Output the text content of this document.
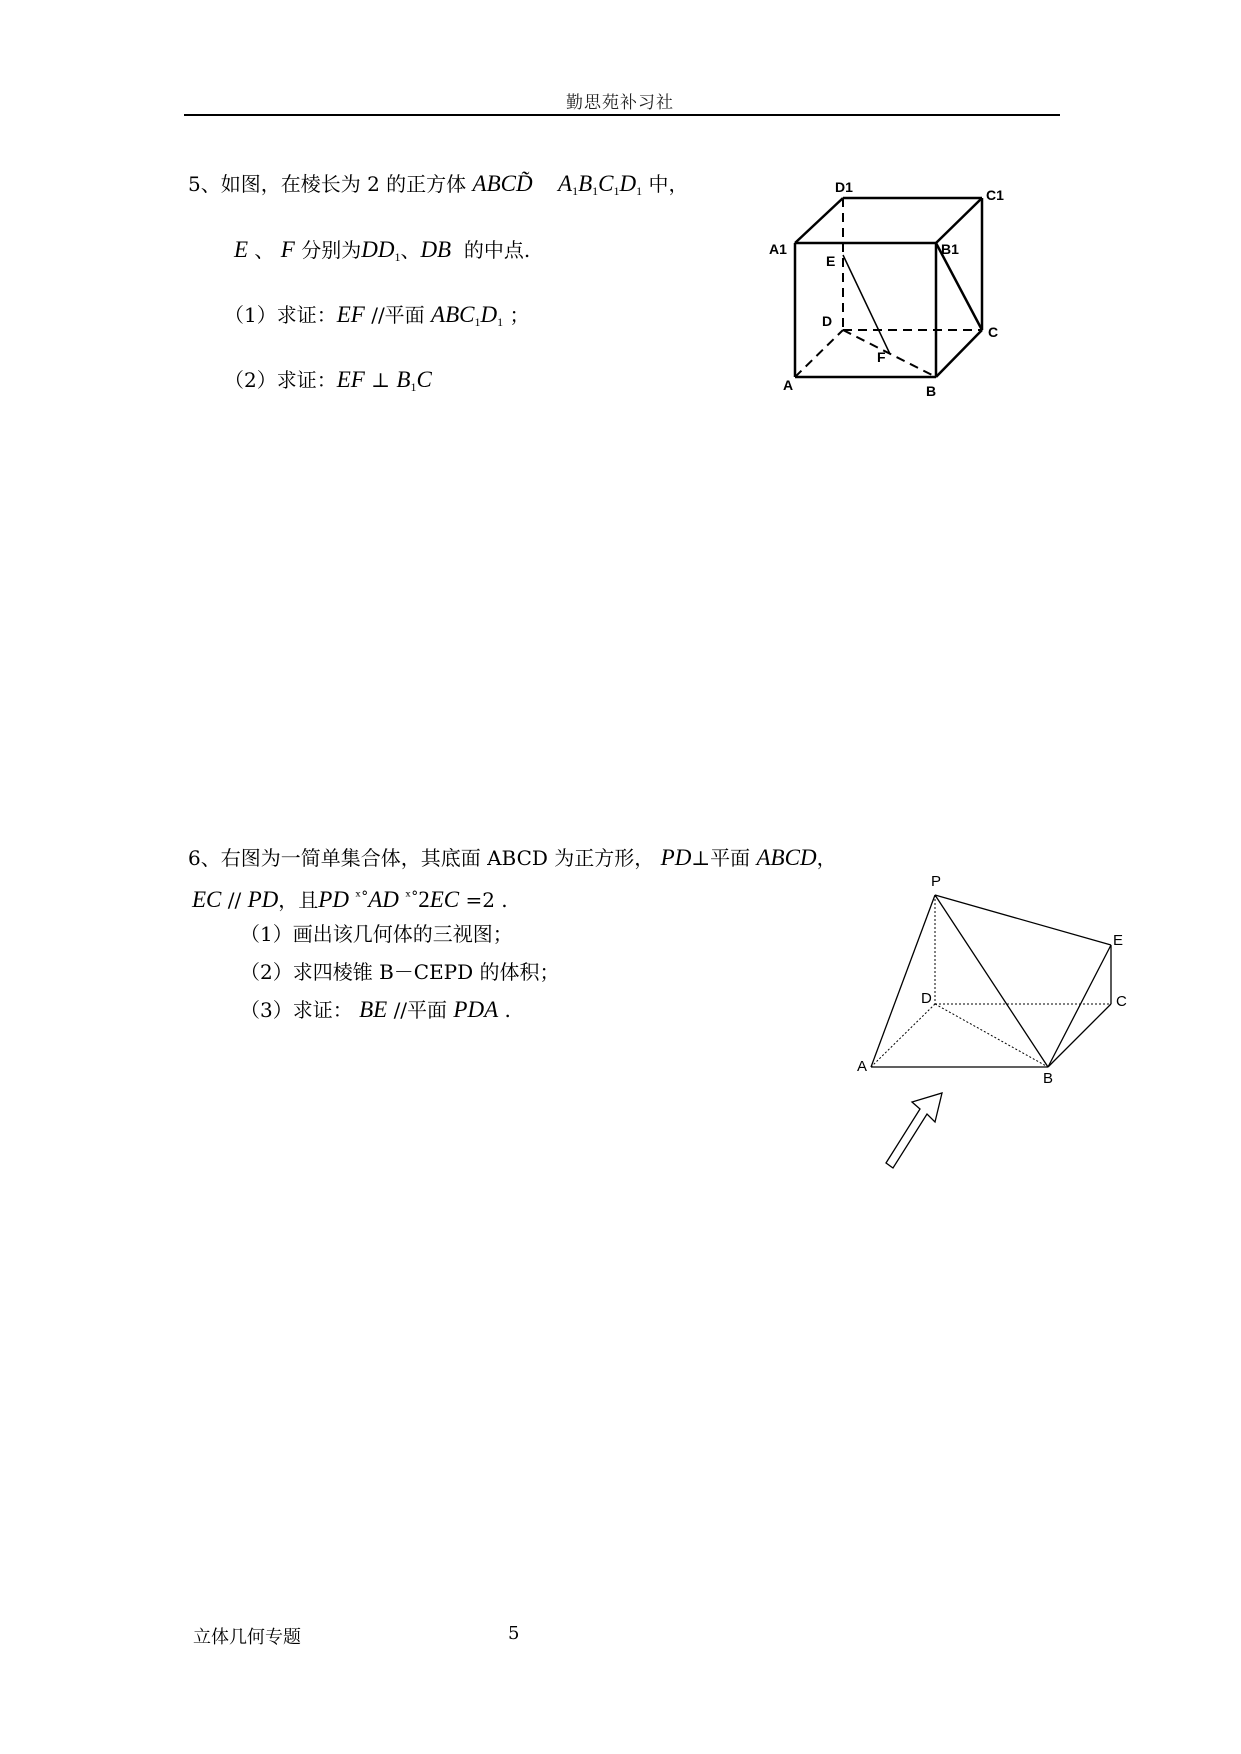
勤思苑补习社
5、如图，在棱长为 2 的正方体 ABCD $A_1B_1C_1D_1$ 中，
E 、 F 分别为$DD_1$、DB 的中点.
（1）求证：EF //平面 $ABC_1D_1$ ；
（2）求证：EF ⊥ $B_1C$
D1	C1
A1	B1
E
D
C
F
A	B
6、右图为一简单集合体，其底面 ABCD 为正方形， PD⊥平面 ABCD，
EC // PD，且PD $^{ˣ^\circ}$AD $^{ˣ^\circ}$2EC =2 .
（1）画出该几何体的三视图；
（2）求四棱锥 B－CEPD 的体积；
（3）求证： BE //平面 PDA .
P
E
D	C
A
B
立体几何专题	5
